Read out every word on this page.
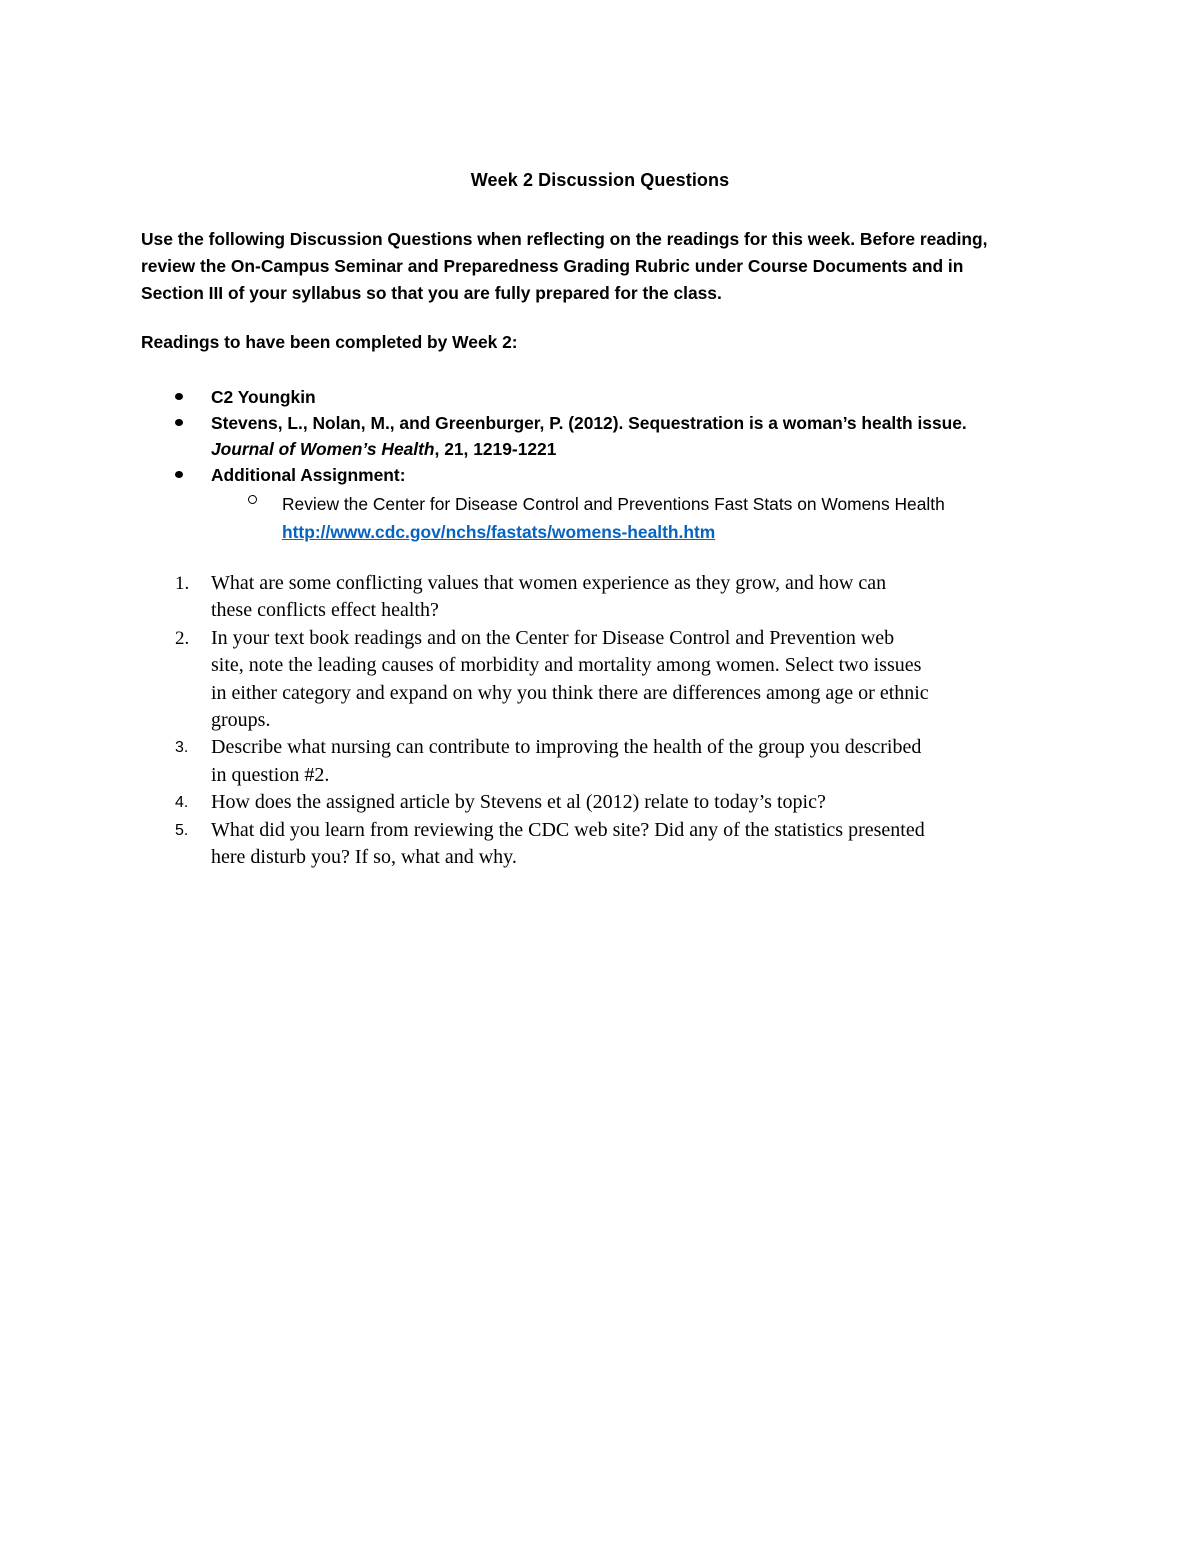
Week 2 Discussion Questions
Use the following Discussion Questions when reflecting on the readings for this week. Before reading,
review the On-Campus Seminar and Preparedness Grading Rubric under Course Documents and in
Section III of your syllabus so that you are fully prepared for the class.
Readings to have been completed by Week 2:
C2 Youngkin
Stevens, L., Nolan, M., and Greenburger, P. (2012). Sequestration is a woman’s health issue.
Journal of Women’s Health, 21, 1219-1221
Additional Assignment:
Review the Center for Disease Control and Preventions Fast Stats on Womens Health
http://www.cdc.gov/nchs/fastats/womens-health.htm
1. What are some conflicting values that women experience as they grow, and how can
these conflicts effect health?
2. In your text book readings and on the Center for Disease Control and Prevention web
site, note the leading causes of morbidity and mortality among women. Select two issues
in either category and expand on why you think there are differences among age or ethnic
groups.
3. Describe what nursing can contribute to improving the health of the group you described
in question #2.
4. How does the assigned article by Stevens et al (2012) relate to today’s topic?
5. What did you learn from reviewing the CDC web site? Did any of the statistics presented
here disturb you? If so, what and why.
